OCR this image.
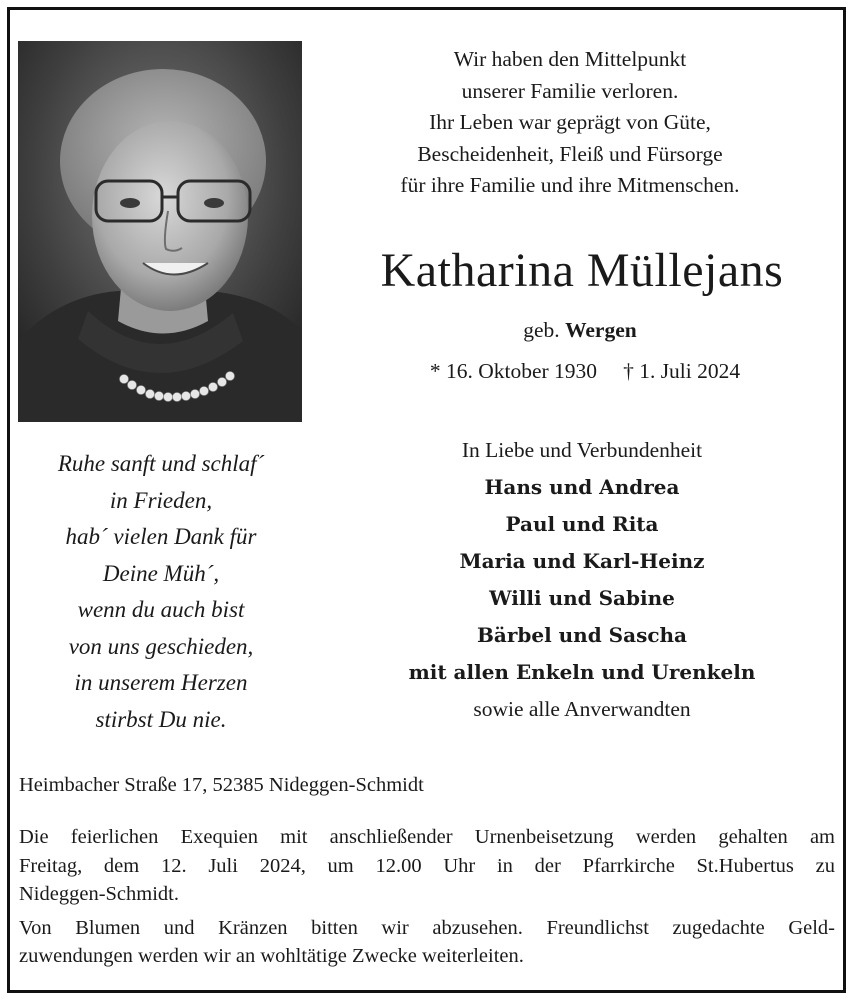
Wir haben den Mittelpunkt
unserer Familie verloren.
Ihr Leben war geprägt von Güte,
Bescheidenheit, Fleiß und Fürsorge
für ihre Familie und ihre Mitmenschen.
Katharina Müllejans
geb. Wergen
* 16. Oktober 1930 † 1. Juli 2024
Ruhe sanft und schlaf´
in Frieden,
hab´ vielen Dank für
Deine Müh´,
wenn du auch bist
von uns geschieden,
in unserem Herzen
stirbst Du nie.
In Liebe und Verbundenheit
Hans und Andrea
Paul und Rita
Maria und Karl-Heinz
Willi und Sabine
Bärbel und Sascha
mit allen Enkeln und Urenkeln
sowie alle Anverwandten
Heimbacher Straße 17, 52385 Nideggen-Schmidt

Die feierlichen Exequien mit anschließender Urnenbeisetzung werden gehalten am
Freitag, dem 12. Juli 2024, um 12.00 Uhr in der Pfarrkirche St.Hubertus zu
Nideggen-Schmidt.

Von Blumen und Kränzen bitten wir abzusehen. Freundlichst zugedachte Geld-
zuwendungen werden wir an wohltätige Zwecke weiterleiten.
